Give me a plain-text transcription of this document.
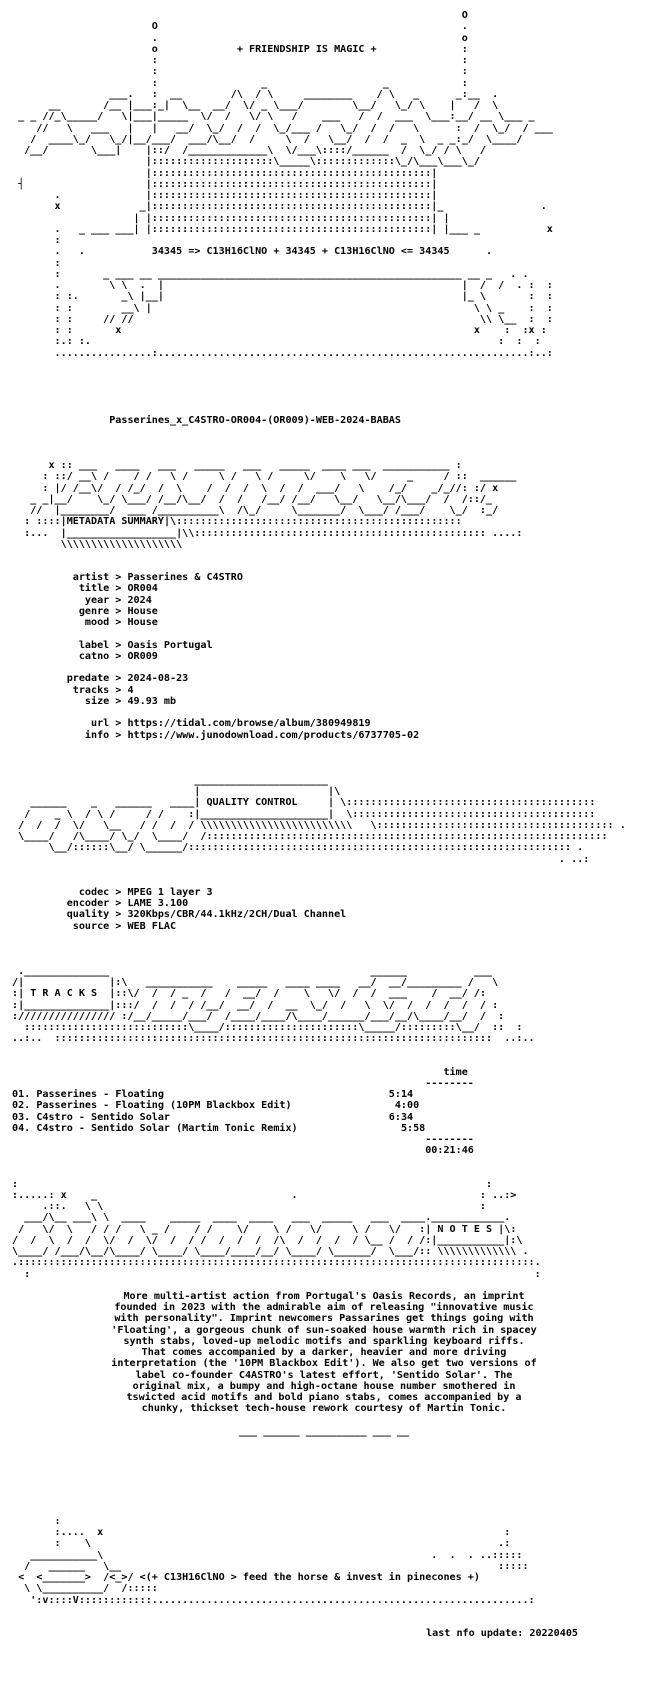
O
O                                                  .
.                                                  o
o	+ FRIENDSHIP IS MAGIC +	:
:                                                  :
:                                                  :
:                 _                   _            :
___.   :  __        /\  / \     ________    / \   _      _:__  .
__       /__ |___:_|  \__  __/  \/ _ \___/        \__/   \_/ \    |   /  \
_ _ //_\_____/   \|___|_____  \/  /   \/ \   /    ___   /  /  ___  \___:__/ __ \___ _
//   \   ___   |   |   __/  \_/  /  /  \_/___ /   \_/  /  /   \      :  /  \_/  / ___
/  ____\_/   \_/|__/___/  ___/\__/  /     \  /   \__/  /  /  _  \  _ _:_/  \____/
/__/       \___|    |::/  /_____________\  \/___\::::/______  /  \_/ / \   /
|::::::::::::::::::::\_____\:::::::::::::\_/\___\___\_/
|::::::::::::::::::::::::::::::::::::::::::::::|
┤                    |::::::::::::::::::::::::::::::::::::::::::::::|
.              |::::::::::::::::::::::::::::::::::::::::::::::|
x             _|::::::::::::::::::::::::::::::::::::::::::::::|_                .
| |::::::::::::::::::::::::::::::::::::::::::::::| |
.   _ ___ ___| |::::::::::::::::::::::::::::::::::::::::::::::| |___ _           x
:
.   .	34345 => C13H16ClNO + 34345 + C13H16ClNO <= 34345	.
:
:       _ ___ __ __________________________________________________ __ _   . .
.        \ \  .  |                                                 |  /  /  . :  :
: :.       _\ |__|                                                 |_ \       :  :
: :        __\ |                                                     \ \ _    :  :
: :     // //                                                         \\ \__  :  :
: :       x                                                          x    :  :x :
:.: :.                                                                   :  :  :
................:.............................................................:..:
Passerines_x_C4STRO-OR004-(OR009)-WEB-2024-BABAS
x :: ___   ____   ___   _____   ___   _____  ____ ___  ___________ :
: ::/ __\ /    / /   \ /     \ /   \ /     \/    \   \/     _     / ::  ______
: |/ /__\/  / /_/  /  \    /  /  /  \  /  /  ___/   \    /_/    _/_//: :/ x
_ _|__/    \_/ \___/ /__/\__/  /  /   /__/ /__/   \__/   \__/\___/  /  /::/_
//  |________/  ___ /__________\  /\_/     \_______/  \___/ /___/    \_/  :_/
: ::::|METADATA SUMMARY|\:::::::::::::::::::::::::::::::::::::::::::::::
:...  |__________________|\\:::::::::::::::::::::::::::::::::::::::::::::::: ....:
\\\\\\\\\\\\\\\\\\\\
artist > Passerines & C4STRO
title > OR004
year > 2024
genre > House
mood > House

label > Oasis Portugal
catno > OR009

predate > 2024-08-23
tracks > 4
size > 49.93 mb

url > https://tidal.com/browse/album/380949819
info > https://www.junodownload.com/products/6737705-02
______________________
|                     |\
______    _   ______   ____| QUALITY CONTROL	| \:::::::::::::::::::::::::::::::::::::::::
/    _ \  / \ /     / /    :|_____________________|  \::::::::::::::::::::::::::::::::::::::::
/  /  /  \/   \__   / /  /  / \\\\\\\\\\\\\\\\\\\\\\\\\   \::::::::::::::::::::::::::::::::::::::: .
\____/   /\____/ \_/  \____/  /::::::::::::::::::::::::::::::::::::::::::::::::::::::::::::::::::
\__/::::::\__/ \______/::::::::::::::::::::::::::::::::::::::::::::::::::::::::::::::: .
. ..:
codec > MPEG 1 layer 3
encoder > LAME 3.100
quality > 320Kbps/CBR/44.1kHz/2CH/Dual Channel
source > WEB FLAC
.______________                                           ______           ___
/|              |:\   ___________    _____   ____ ____   __/  __/_________ /   \
:| T R A C K S  |::\/  /  / _  /   /  __/  /    \   \/  /  /  ___    /  __/ /:
:|______________|:::/  /  /  / /__/  __/  /  __  \_/  /   \  \/  /  /  /  /  / :
://////////////// :/__/_____/___/  /____/____/\____/______/___/__/\____/__/  /  :
:::::::::::::::::::::::::::\____/::::::::::::::::::::::\_____/:::::::::\__/  ::  :
..:..  ::::::::::::::::::::::::::::::::::::::::::::::::::::::::::::::::::::::::  ..:..
time
--------
01. Passerines - Floating	5:14
02. Passerines - Floating (10PM Blackbox Edit)	4:00
03. C4stro - Sentido Solar	6:34
04. C4stro - Sentido Solar (Martim Tonic Remix)	5:58
--------
00:21:46
:                                                                             :
:.....: x    _                                .                              : ..:>
.::.   \ \                                                              :
___/\__ ___\ \  ____    _____  ____  ____   ___  _____   ___  ____.____________.
/   \/  \   / / /   \ _ /    / /    \/    \ /   \/     \ /   \/   :| N O T E S |\:
/  /  \  /  /  \/  /  \/  /  / /  /  /  /  /\  /  /  /  / \__ /  / /:|___________|:\
\____/ /___/\__/\____/ \____/ \____/____/__/ \____/ \______/  \___/:: \\\\\\\\\\\\\ .
.:::::::::::::::::::::::::::::::::::::::::::::::::::::::::::::::::::::::::::::::::::::.
:                                                                                   :
More multi-artist action from Portugal's Oasis Records, an imprint
founded in 2023 with the admirable aim of releasing "innovative music
with personality". Imprint newcomers Passarines get things going with
'Floating', a gorgeous chunk of sun-soaked house warmth rich in spacey
synth stabs, loved-up melodic motifs and sparkling keyboard riffs.
That comes accompanied by a darker, heavier and more driving
interpretation (the '10PM Blackbox Edit'). We also get two versions of
label co-founder C4ASTRO's latest effort, 'Sentido Solar'. The
original mix, a bumpy and high-octane house number smothered in
tswicted acid motifs and bold piano stabs, comes accompanied by a
chunky, thickset tech-house rework courtesy of Martin Tonic.

___ ______ __________ ___ __
:
:....  x                                                                  :
:    \                                                                   .:
___________\                                                      .  .  . ..:::::
/   ______   \__                                                              :::::
<  <_______>  /<_>/ <(+ C13H16ClNO > feed the horse & invest in pinecones +)
\ \__________/  /:::::
':v::::V::::::::::::..............................................................:
last nfo update: 20220405
